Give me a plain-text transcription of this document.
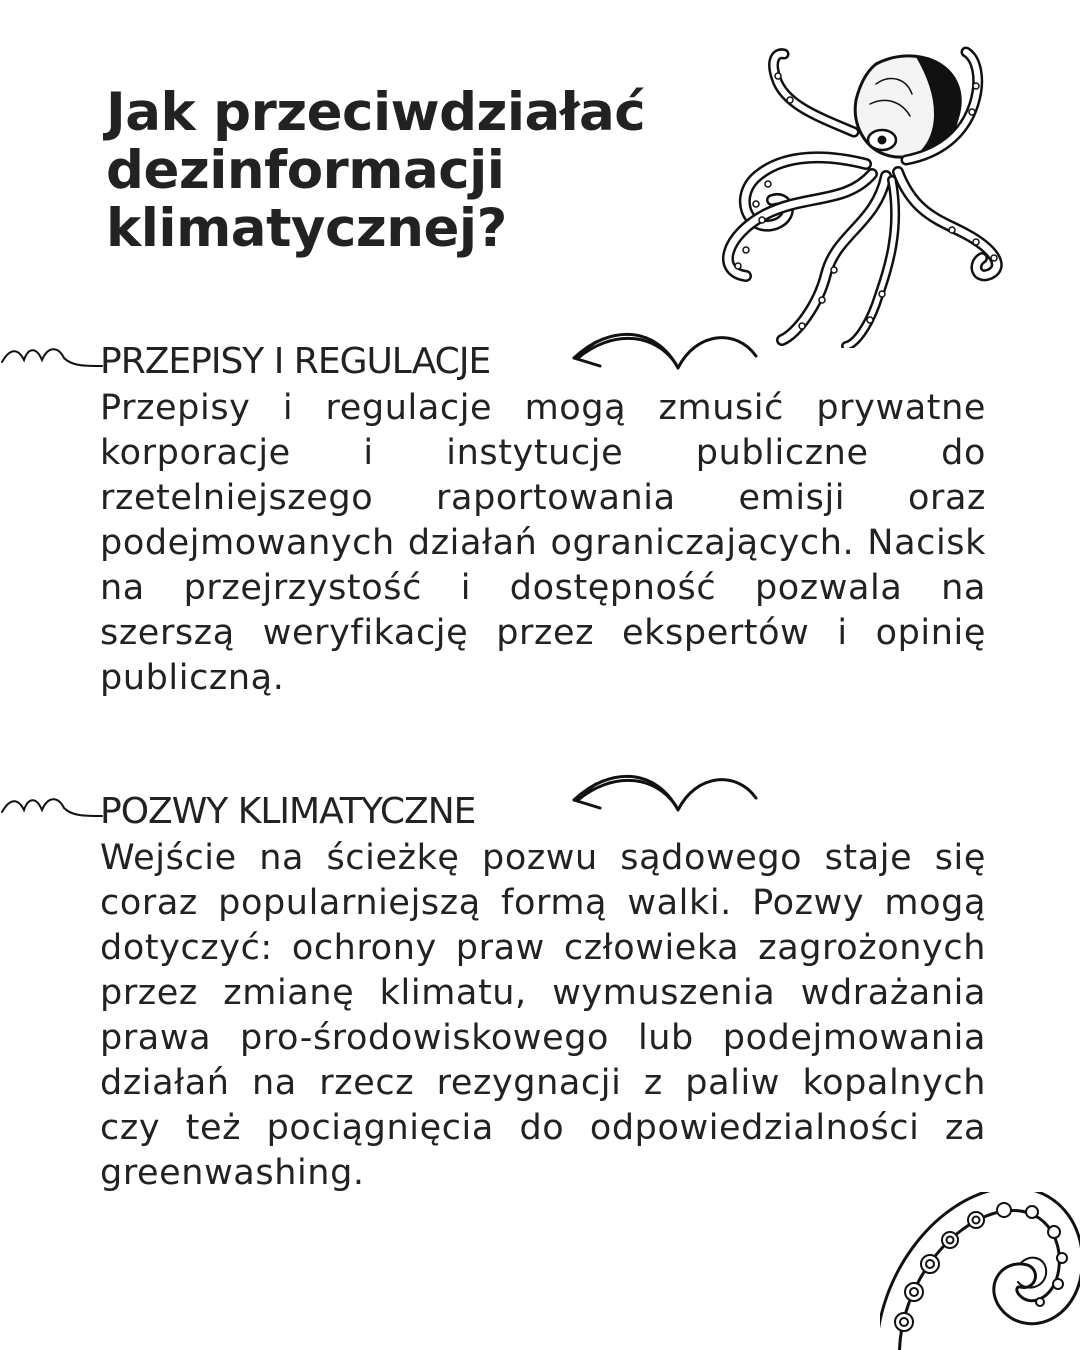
Jak przeciwdziałać
dezinformacji
klimatycznej?
PRZEPISY I REGULACJE
Przepisy i regulacje mogą zmusić prywatne korporacje i instytucje publiczne do rzetelniejszego raportowania emisji oraz podejmowanych działań ograniczających. Nacisk na przejrzystość i dostępność pozwala na szerszą weryfikację przez ekspertów i opinię publiczną.
POZWY KLIMATYCZNE
Wejście na ścieżkę pozwu sądowego staje się coraz popularniejszą formą walki. Pozwy mogą dotyczyć: ochrony praw człowieka zagrożonych przez zmianę klimatu, wymuszenia wdrażania prawa pro-środowiskowego lub podejmowania działań na rzecz rezygnacji z paliw kopalnych czy też pociągnięcia do odpowiedzialności za greenwashing.
